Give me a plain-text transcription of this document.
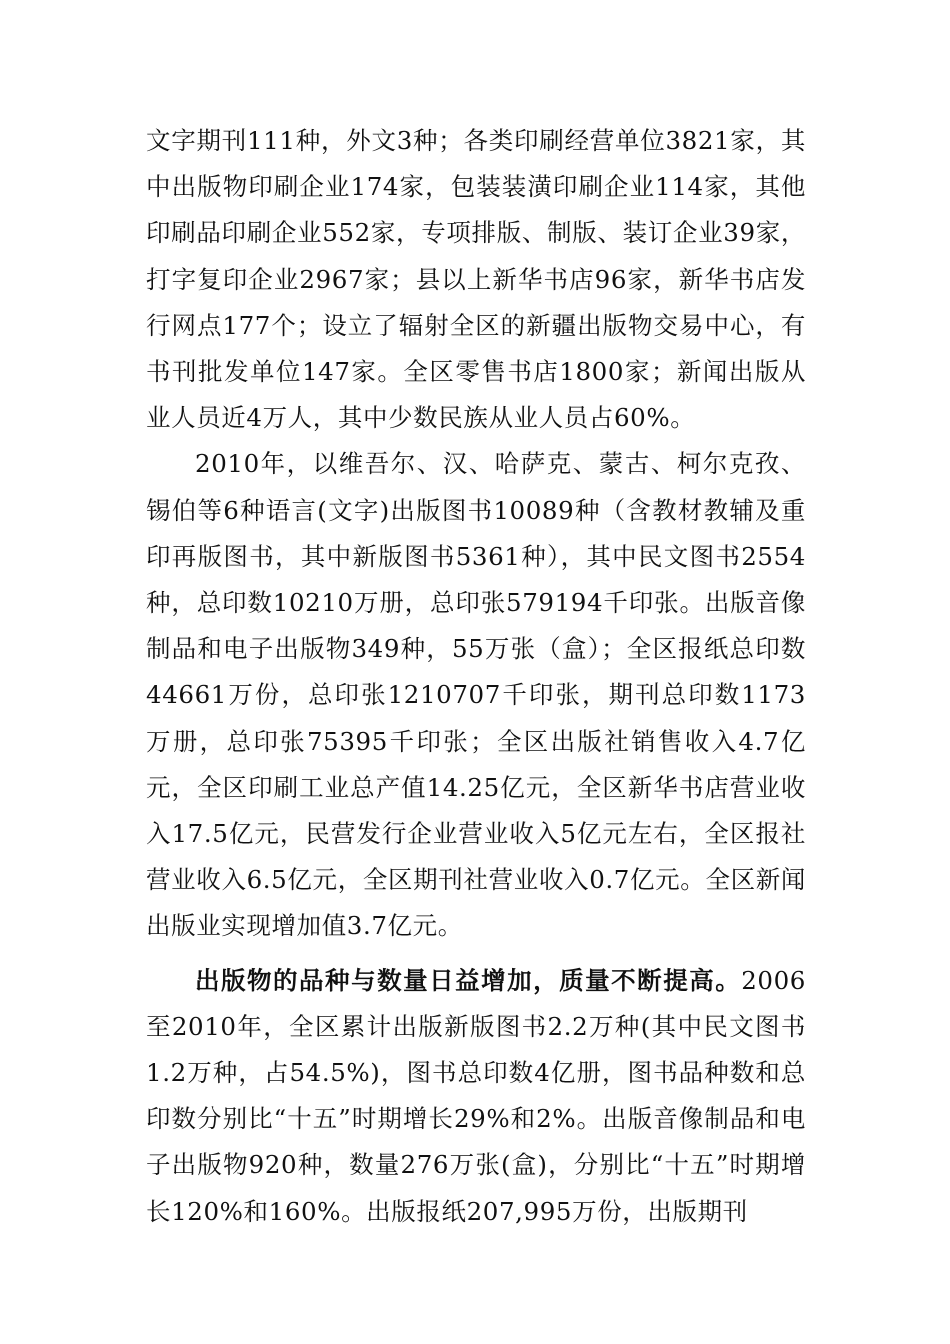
文字期刊111种，外文3种；各类印刷经营单位3821家，其中出版物印刷企业174家，包装装潢印刷企业114家，其他印刷品印刷企业552家，专项排版、制版、装订企业39家，打字复印企业2967家；县以上新华书店96家，新华书店发行网点177个；设立了辐射全区的新疆出版物交易中心，有书刊批发单位147家。全区零售书店1800家；新闻出版从业人员近4万人，其中少数民族从业人员占60%。

2010年，以维吾尔、汉、哈萨克、蒙古、柯尔克孜、锡伯等6种语言(文字)出版图书10089种（含教材教辅及重印再版图书，其中新版图书5361种），其中民文图书2554种，总印数10210万册，总印张579194千印张。出版音像制品和电子出版物349种，55万张（盒）；全区报纸总印数44661万份，总印张1210707千印张，期刊总印数1173万册，总印张75395千印张；全区出版社销售收入4.7亿元，全区印刷工业总产值14.25亿元，全区新华书店营业收入17.5亿元，民营发行企业营业收入5亿元左右，全区报社营业收入6.5亿元，全区期刊社营业收入0.7亿元。全区新闻出版业实现增加值3.7亿元。

出版物的品种与数量日益增加，质量不断提高。2006至2010年，全区累计出版新版图书2.2万种(其中民文图书1.2万种，占54.5%)，图书总印数4亿册，图书品种数和总印数分别比“十五”时期增长29%和2%。出版音像制品和电子出版物920种，数量276万张(盒)，分别比“十五”时期增长120%和160%。出版报纸207,995万份，出版期刊
